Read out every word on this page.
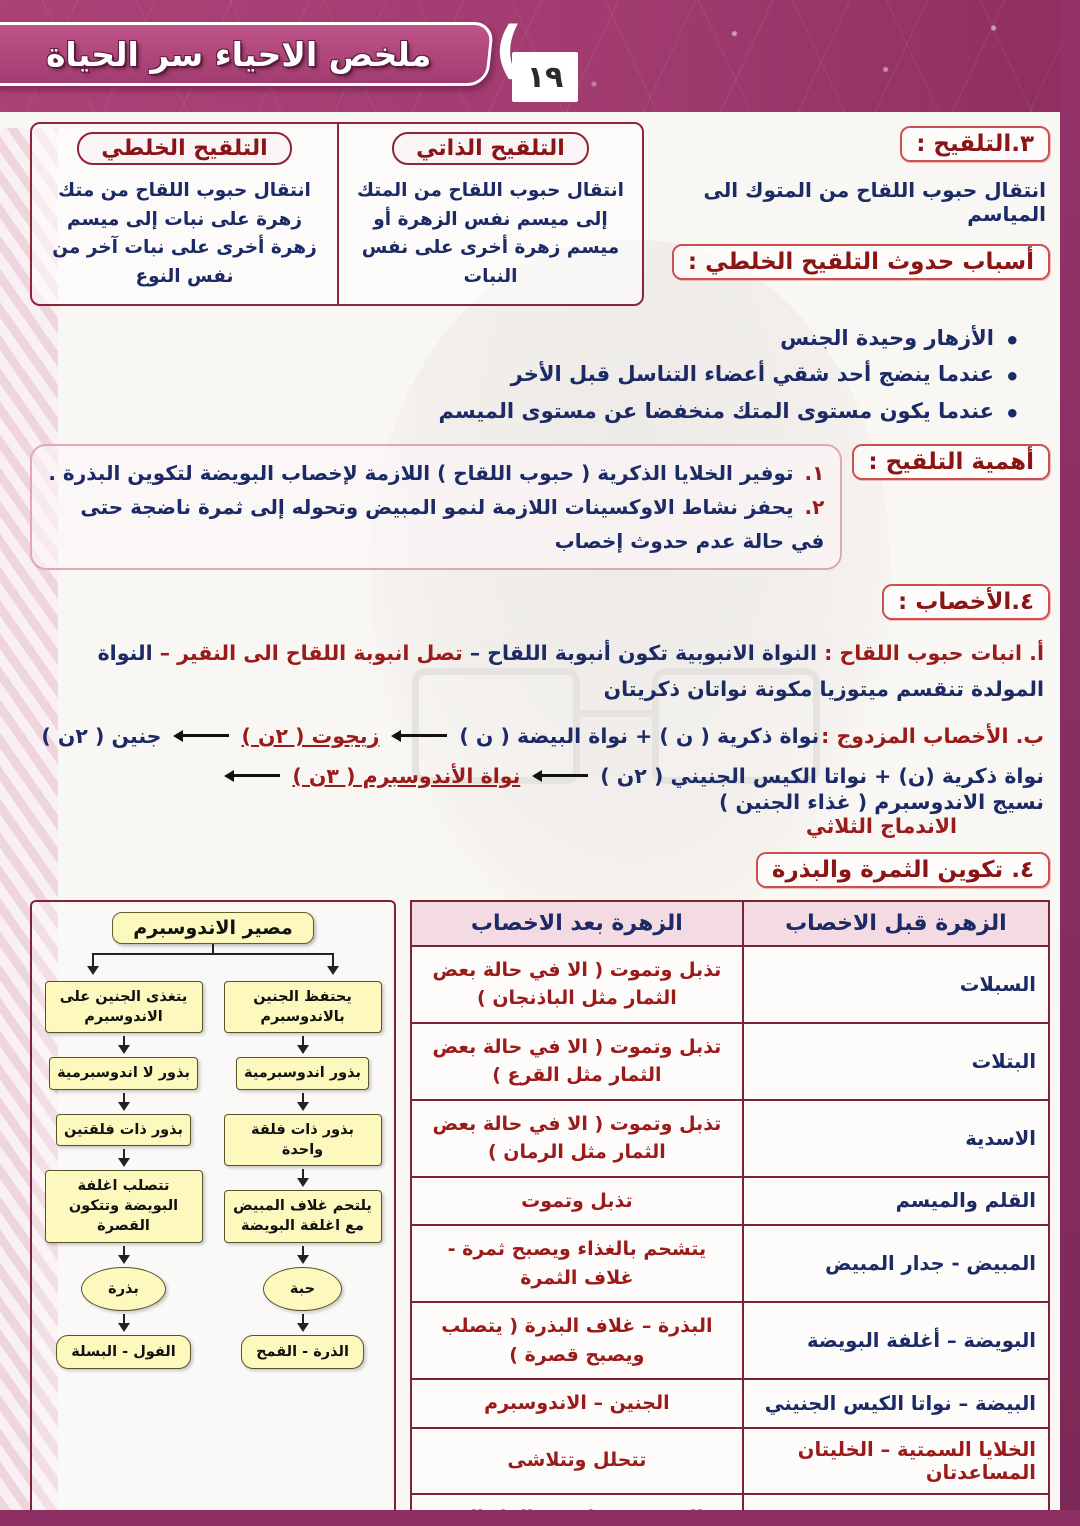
ملخص الاحياء سر الحياة
(
١٩
٣.التلقيح :
انتقال حبوب اللقاح من المتوك الى المياسم
أسباب حدوث التلقيح الخلطي :
التلقيح الذاتي
التلقيح الخلطي
انتقال حبوب اللقاح من المتك إلى ميسم نفس الزهرة أو ميسم زهرة أخرى على نفس النبات
انتقال حبوب اللقاح من متك زهرة على نبات إلى ميسم زهرة أخرى على نبات آخر من نفس النوع
• الأزهار وحيدة الجنس
• عندما ينضج أحد شقي أعضاء التناسل قبل الأخر
• عندما يكون مستوى المتك منخفضا عن مستوى الميسم
أهمية التلقيح :
١. توفير الخلايا الذكرية ( حبوب اللقاح ) اللازمة لإخصاب البويضة لتكوين البذرة .
٢. يحفز نشاط الاوكسينات اللازمة لنمو المبيض وتحوله إلى ثمرة ناضجة حتى في حالة عدم حدوث إخصاب
٤.الأخصاب :
أ. انبات حبوب اللقاح : النواة الانبوبية تكون أنبوبة اللقاح – تصل انبوبة اللقاح الى النقير – النواة المولدة تنقسم ميتوزيا مكونة نواتان ذكريتان
ب. الأخصاب المزدوج :
نواة ذكرية ( ن ) + نواة البيضة ( ن )
زيجوت ( ٢ن )
جنين ( ٢ن )
نواة ذكرية (ن) + نواتا الكيس الجنيني ( ٢ن )
نواة الأندوسبرم ( ٣ن )
نسيج الاندوسبرم ( غذاء الجنين )
الاندماج الثلاثي
٤. تكوين الثمرة والبذرة
الزهرة قبل الاخصاب	الزهرة بعد الاخصاب
السبلات	تذبل وتموت ( الا في حالة بعض الثمار مثل الباذنجان )
البتلات	تذبل وتموت ( الا في حالة بعض الثمار مثل القرع )
الاسدية	تذبل وتموت ( الا في حالة بعض الثمار مثل الرمان )
القلم والميسم	تذبل وتموت
المبيض - جدار المبيض	يتشحم بالغذاء ويصبح ثمرة - غلاف الثمرة
البويضة – أغلفة البويضة	البذرة – غلاف البذرة ( يتصلب ويصبح قصرة )
البيضة – نواتا الكيس الجنيني	الجنين – الاندوسبرم
الخلايا السمتية – الخليتان المساعدتان	تتحلل وتتلاشى

مصير الاندوسبرم
يحتفظ الجنين بالاندوسبرم
بذور اندوسبرمية
بذور ذات فلقة واحدة
يلتحم غلاف المبيض مع اغلفة البويضة
حبة
الذرة - القمح
يتغذى الجنين على الاندوسبرم
بذور لا اندوسبرمية
بذور ذات فلقتين
تتصلب اغلفة البويضة وتتكون القصرة
بذرة
الفول - البسلة
